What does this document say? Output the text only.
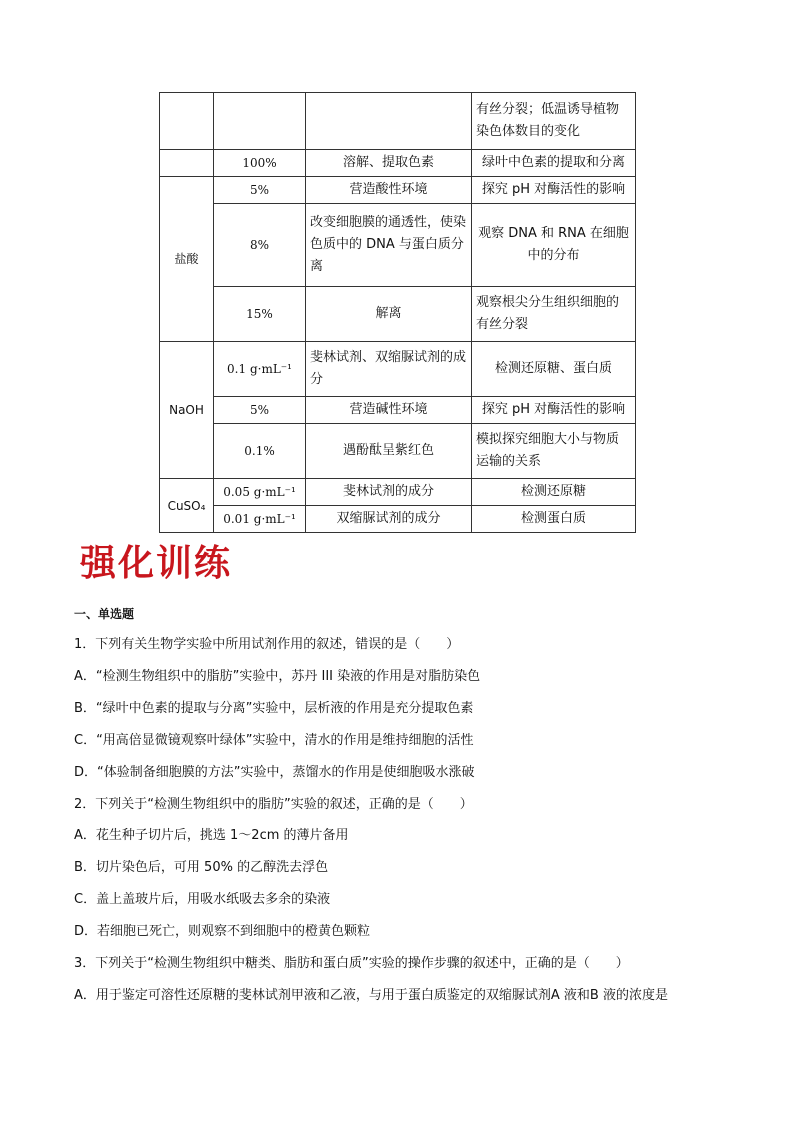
			有丝分裂；低温诱导植物染色体数目的变化
	100%	溶解、提取色素	绿叶中色素的提取和分离
盐酸	5%	营造酸性环境	探究 pH 对酶活性的影响
	8%	改变细胞膜的通透性，使染色质中的 DNA 与蛋白质分离	观察 DNA 和 RNA 在细胞中的分布
	15%	解离	观察根尖分生组织细胞的有丝分裂
NaOH	0.1 g·mL⁻¹	斐林试剂、双缩脲试剂的成分	检测还原糖、蛋白质
	5%	营造碱性环境	探究 pH 对酶活性的影响
	0.1%	遇酚酞呈紫红色	模拟探究细胞大小与物质运输的关系
CuSO₄	0.05 g·mL⁻¹	斐林试剂的成分	检测还原糖
	0.01 g·mL⁻¹	双缩脲试剂的成分	检测蛋白质
强化训练
一、单选题
1．下列有关生物学实验中所用试剂作用的叙述，错误的是（　　）
A．“检测生物组织中的脂肪”实验中，苏丹 III 染液的作用是对脂肪染色
B．“绿叶中色素的提取与分离”实验中，层析液的作用是充分提取色素
C．“用高倍显微镜观察叶绿体”实验中，清水的作用是维持细胞的活性
D．“体验制备细胞膜的方法”实验中，蒸馏水的作用是使细胞吸水涨破
2．下列关于“检测生物组织中的脂肪”实验的叙述，正确的是（　　）
A．花生种子切片后，挑选 1～2cm 的薄片备用
B．切片染色后，可用 50% 的乙醇洗去浮色
C．盖上盖玻片后，用吸水纸吸去多余的染液
D．若细胞已死亡，则观察不到细胞中的橙黄色颗粒
3．下列关于“检测生物组织中糖类、脂肪和蛋白质”实验的操作步骤的叙述中，正确的是（　　）
A．用于鉴定可溶性还原糖的斐林试剂甲液和乙液，与用于蛋白质鉴定的双缩脲试剂A 液和B 液的浓度是
